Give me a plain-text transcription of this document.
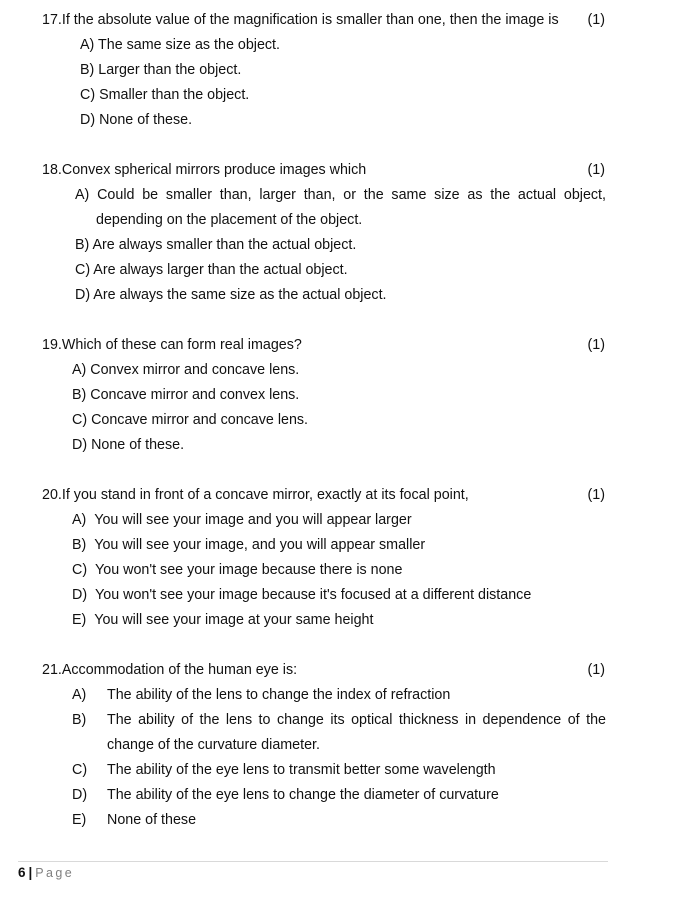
17.If the absolute value of the magnification is smaller than one, then the image is (1)
A) The same size as the object.
B) Larger than the object.
C) Smaller than the object.
D) None of these.
18.Convex spherical mirrors produce images which	(1)
A) Could be smaller than, larger than, or the same size as the actual object,
depending on the placement of the object.
B) Are always smaller than the actual object.
C) Are always larger than the actual object.
D) Are always the same size as the actual object.
19.Which of these can form real images?	(1)
A) Convex mirror and concave lens.
B) Concave mirror and convex lens.
C) Concave mirror and concave lens.
D) None of these.
20.If you stand in front of a concave mirror, exactly at its focal point,	(1)
A) You will see your image and you will appear larger
B) You will see your image, and you will appear smaller
C) You won't see your image because there is none
D) You won't see your image because it's focused at a different distance
E) You will see your image at your same height
21.Accommodation of the human eye is:	(1)
A) The ability of the lens to change the index of refraction
B) The ability of the lens to change its optical thickness in dependence of the
change of the curvature diameter.
C) The ability of the eye lens to transmit better some wavelength
D) The ability of the eye lens to change the diameter of curvature
E) None of these
6 | Page
